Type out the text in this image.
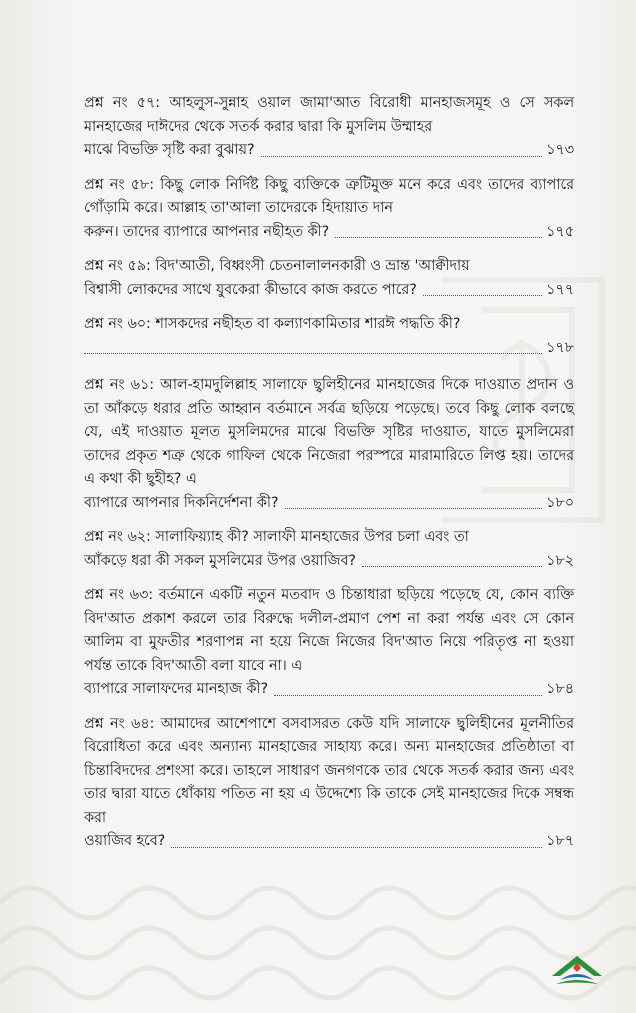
প্রশ্ন নং ৫৭: আহলুস-সুন্নাহ ওয়াল জামা'আত বিরোধী মানহাজসমূহ ও সে সকল মানহাজের দাঈদের থেকে সতর্ক করার দ্বারা কি মুসলিম উম্মাহর
মাঝে বিভক্তি সৃষ্টি করা বুঝায়?	১৭৩
প্রশ্ন নং ৫৮: কিছু লোক নির্দিষ্ট কিছু ব্যক্তিকে ত্রুটিমুক্ত মনে করে এবং তাদের ব্যাপারে গোঁড়ামি করে। আল্লাহ তা'আলা তাদেরকে হিদায়াত দান
করুন। তাদের ব্যাপারে আপনার নছীহত কী?	১৭৫
প্রশ্ন নং ৫৯: বিদ'আতী, বিধ্বংসী চেতনালালনকারী ও ভ্রান্ত 'আক্বীদায়
বিশ্বাসী লোকদের সাথে যুবকেরা কীভাবে কাজ করতে পারে?	১৭৭
প্রশ্ন নং ৬০: শাসকদের নছীহত বা কল্যাণকামিতার শারঈ পদ্ধতি কী?
১৭৮
প্রশ্ন নং ৬১: আল-হামদুলিল্লাহ সালাফে ছ্বলিহীনের মানহাজের দিকে দাওয়াত প্রদান ও তা আঁকড়ে ধরার প্রতি আহ্বান বর্তমানে সর্বত্র ছড়িয়ে পড়েছে। তবে কিছু লোক বলছে যে, এই দাওয়াত মূলত মুসলিমদের মাঝে বিভক্তি সৃষ্টির দাওয়াত, যাতে মুসলিমেরা তাদের প্রকৃত শত্রু থেকে গাফিল থেকে নিজেরা পরস্পরে মারামারিতে লিপ্ত হয়। তাদের এ কথা কী ছ্বহীহ? এ
ব্যাপারে আপনার দিকনির্দেশনা কী?	১৮০
প্রশ্ন নং ৬২: সালাফিয়্যাহ কী? সালাফী মানহাজের উপর চলা এবং তা
আঁকড়ে ধরা কী সকল মুসলিমের উপর ওয়াজিব?	১৮২
প্রশ্ন নং ৬৩: বর্তমানে একটি নতুন মতবাদ ও চিন্তাধারা ছড়িয়ে পড়েছে যে, কোন ব্যক্তি বিদ'আত প্রকাশ করলে তার বিরুদ্ধে দলীল-প্রমাণ পেশ না করা পর্যন্ত এবং সে কোন আলিম বা মুফতীর শরণাপন্ন না হয়ে নিজে নিজের বিদ'আত নিয়ে পরিতৃপ্ত না হওয়া পর্যন্ত তাকে বিদ'আতী বলা যাবে না। এ
ব্যাপারে সালাফদের মানহাজ কী?	১৮৪
প্রশ্ন নং ৬৪: আমাদের আশেপাশে বসবাসরত কেউ যদি সালাফে ছ্বলিহীনের মূলনীতির বিরোধিতা করে এবং অন্যান্য মানহাজের সাহায্য করে। অন্য মানহাজের প্রতিষ্ঠাতা বা চিন্তাবিদদের প্রশংসা করে। তাহলে সাধারণ জনগণকে তার থেকে সতর্ক করার জন্য এবং তার দ্বারা যাতে ধোঁকায় পতিত না হয় এ উদ্দেশ্যে কি তাকে সেই মানহাজের দিকে সম্বন্ধ করা
ওয়াজিব হবে?	১৮৭
